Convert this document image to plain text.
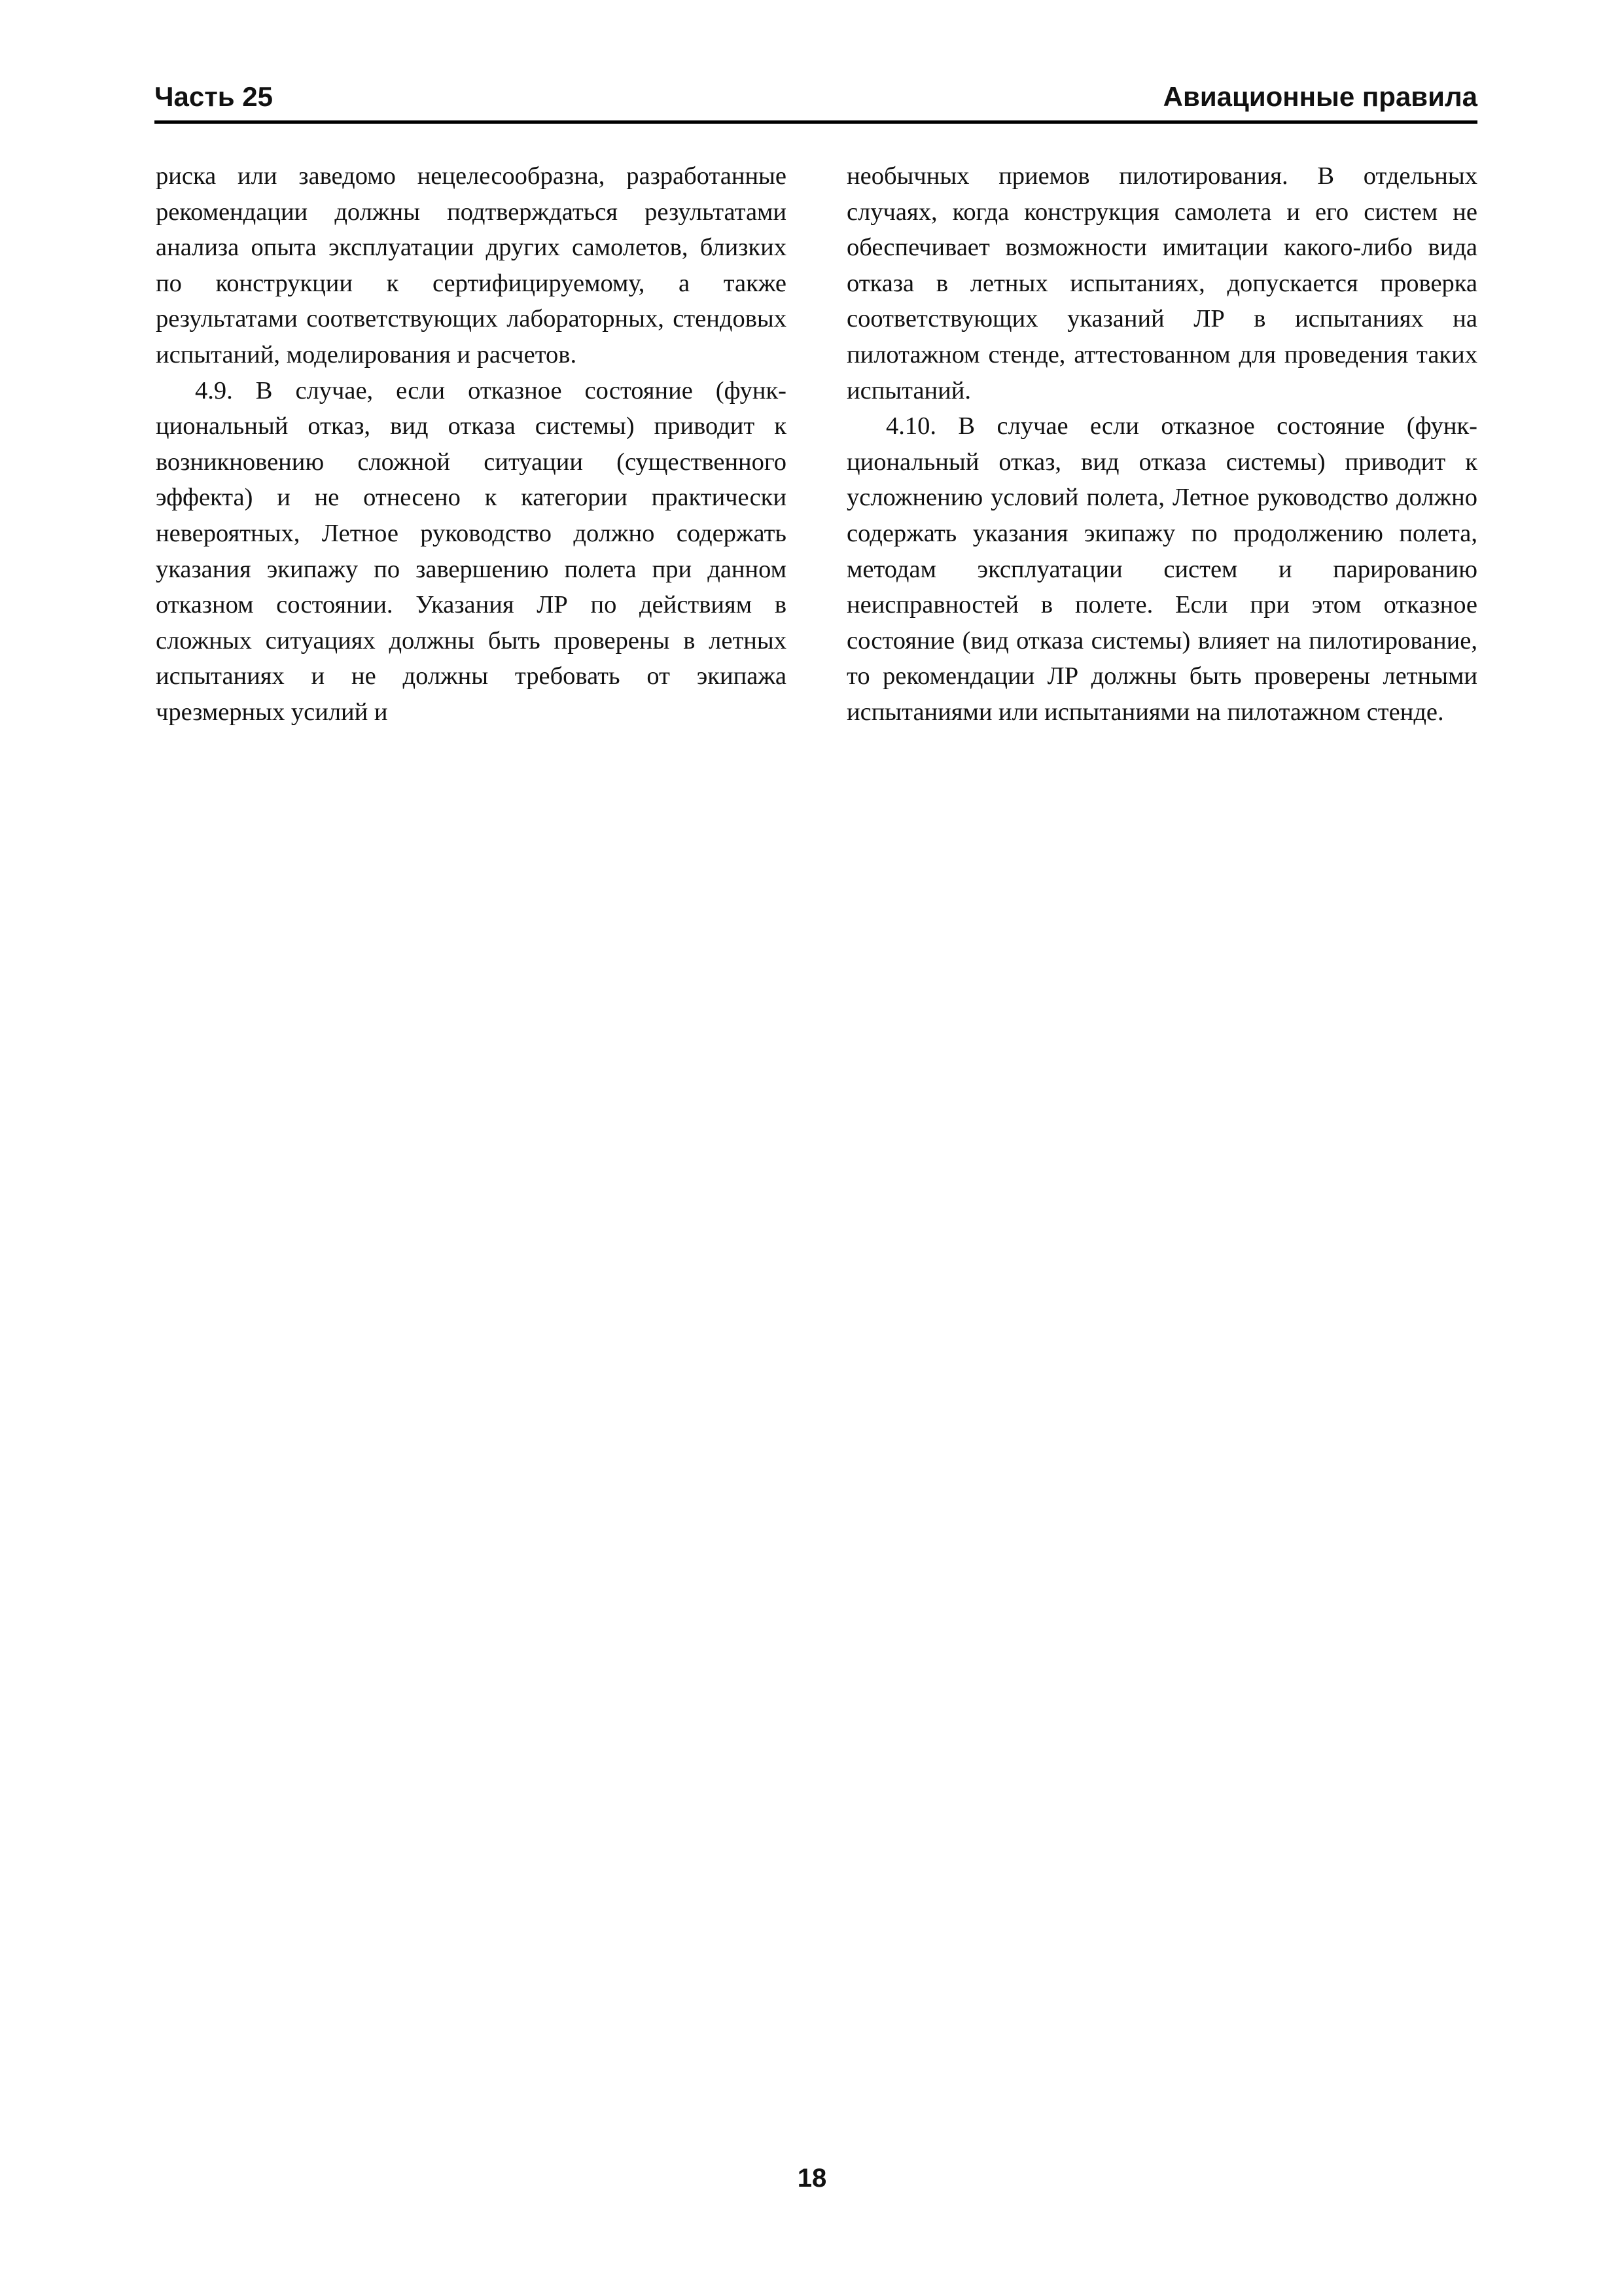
Часть 25	Авиационные правила

риска или заведомо нецелесообразна, разработанные рекомендации должны подтверждаться результатами анализа опыта эксплуатации других самолетов, близких по конструкции к сертифицируемому, а также результатами соответствующих лабораторных, стендовых испытаний, моделирования и расчетов.

4.9. В случае, если отказное состояние (функциональный отказ, вид отказа системы) приводит к возникновению сложной ситуации (существенного эффекта) и не отнесено к категории практически невероятных, Летное руководство должно содержать указания экипажу по завершению полета при данном отказном состоянии. Указания ЛР по действиям в сложных ситуациях должны быть проверены в летных испытаниях и не должны требовать от экипажа чрезмерных усилий и

необычных приемов пилотирования. В отдельных случаях, когда конструкция самолета и его систем не обеспечивает возможности имитации какого-либо вида отказа в летных испытаниях, допускается проверка соответствующих указаний ЛР в испытаниях на пилотажном стенде, аттестованном для проведения таких испытаний.

4.10. В случае если отказное состояние (функциональный отказ, вид отказа системы) приводит к усложнению условий полета, Летное руководство должно содержать указания экипажу по продолжению полета, методам эксплуатации систем и парированию неисправностей в полете. Если при этом отказное состояние (вид отказа системы) влияет на пилотирование, то рекомендации ЛР должны быть проверены летными испытаниями или испытаниями на пилотажном стенде.

18
